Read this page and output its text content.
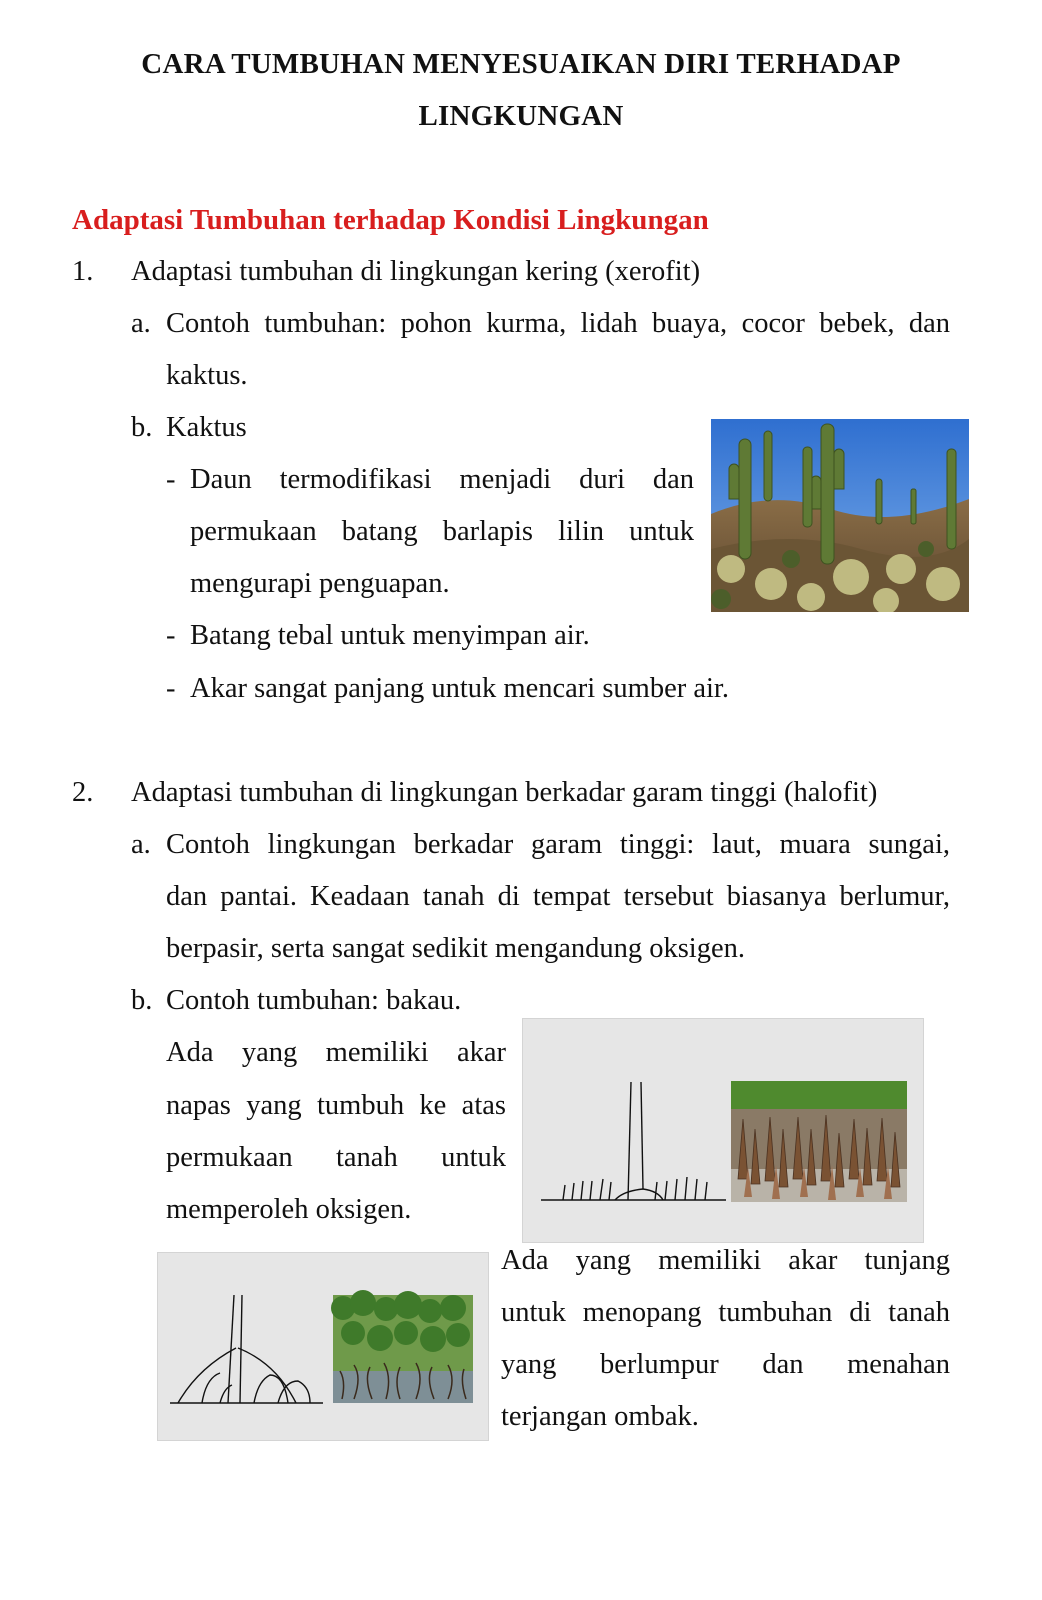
CARA TUMBUHAN MENYESUAIKAN DIRI TERHADAP
LINGKUNGAN
Adaptasi Tumbuhan terhadap Kondisi Lingkungan
1. Adaptasi tumbuhan di lingkungan kering (xerofit)
a. Contoh tumbuhan: pohon kurma, lidah buaya, cocor bebek, dan
kaktus.
b. Kaktus
- Daun termodifikasi menjadi duri dan
permukaan batang barlapis lilin untuk
mengurapi penguapan.
- Batang tebal untuk menyimpan air.
- Akar sangat panjang untuk mencari sumber air.
2. Adaptasi tumbuhan di lingkungan berkadar garam tinggi (halofit)
a. Contoh lingkungan berkadar garam tinggi: laut, muara sungai,
dan pantai. Keadaan tanah di tempat tersebut biasanya berlumur,
berpasir, serta sangat sedikit mengandung oksigen.
b. Contoh tumbuhan: bakau.
Ada yang memiliki akar
napas yang tumbuh ke atas
permukaan tanah untuk
memperoleh oksigen.
Ada yang memiliki akar tunjang
untuk menopang tumbuhan di tanah
yang berlumpur dan menahan
terjangan ombak.
